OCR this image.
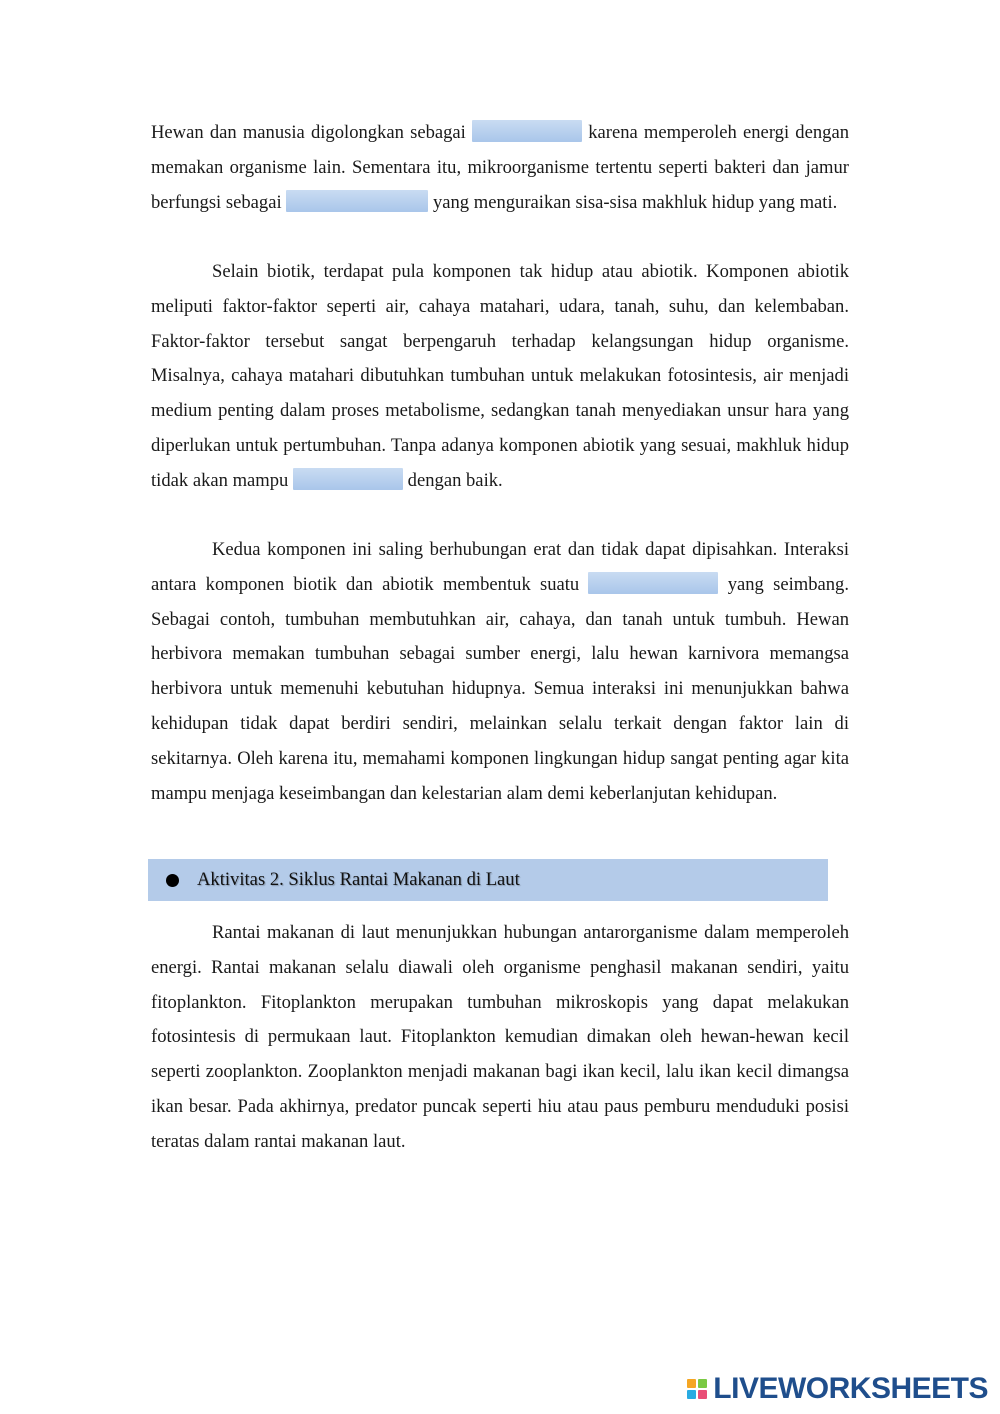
Hewan dan manusia digolongkan sebagai	karena memperoleh energi dengan memakan organisme lain. Sementara itu, mikroorganisme tertentu seperti bakteri dan jamur berfungsi sebagai	yang menguraikan sisa-sisa makhluk hidup yang mati.

Selain biotik, terdapat pula komponen tak hidup atau abiotik. Komponen abiotik meliputi faktor-faktor seperti air, cahaya matahari, udara, tanah, suhu, dan kelembaban. Faktor-faktor tersebut sangat berpengaruh terhadap kelangsungan hidup organisme. Misalnya, cahaya matahari dibutuhkan tumbuhan untuk melakukan fotosintesis, air menjadi medium penting dalam proses metabolisme, sedangkan tanah menyediakan unsur hara yang diperlukan untuk pertumbuhan. Tanpa adanya komponen abiotik yang sesuai, makhluk hidup tidak akan mampu	dengan baik.

Kedua komponen ini saling berhubungan erat dan tidak dapat dipisahkan. Interaksi antara komponen biotik dan abiotik membentuk suatu	yang seimbang. Sebagai contoh, tumbuhan membutuhkan air, cahaya, dan tanah untuk tumbuh. Hewan herbivora memakan tumbuhan sebagai sumber energi, lalu hewan karnivora memangsa herbivora untuk memenuhi kebutuhan hidupnya. Semua interaksi ini menunjukkan bahwa kehidupan tidak dapat berdiri sendiri, melainkan selalu terkait dengan faktor lain di sekitarnya. Oleh karena itu, memahami komponen lingkungan hidup sangat penting agar kita mampu menjaga keseimbangan dan kelestarian alam demi keberlanjutan kehidupan.

Aktivitas 2. Siklus Rantai Makanan di Laut

Rantai makanan di laut menunjukkan hubungan antarorganisme dalam memperoleh energi. Rantai makanan selalu diawali oleh organisme penghasil makanan sendiri, yaitu fitoplankton. Fitoplankton merupakan tumbuhan mikroskopis yang dapat melakukan fotosintesis di permukaan laut. Fitoplankton kemudian dimakan oleh hewan-hewan kecil seperti zooplankton. Zooplankton menjadi makanan bagi ikan kecil, lalu ikan kecil dimangsa ikan besar. Pada akhirnya, predator puncak seperti hiu atau paus pemburu menduduki posisi teratas dalam rantai makanan laut.

LIVEWORKSHEETS
